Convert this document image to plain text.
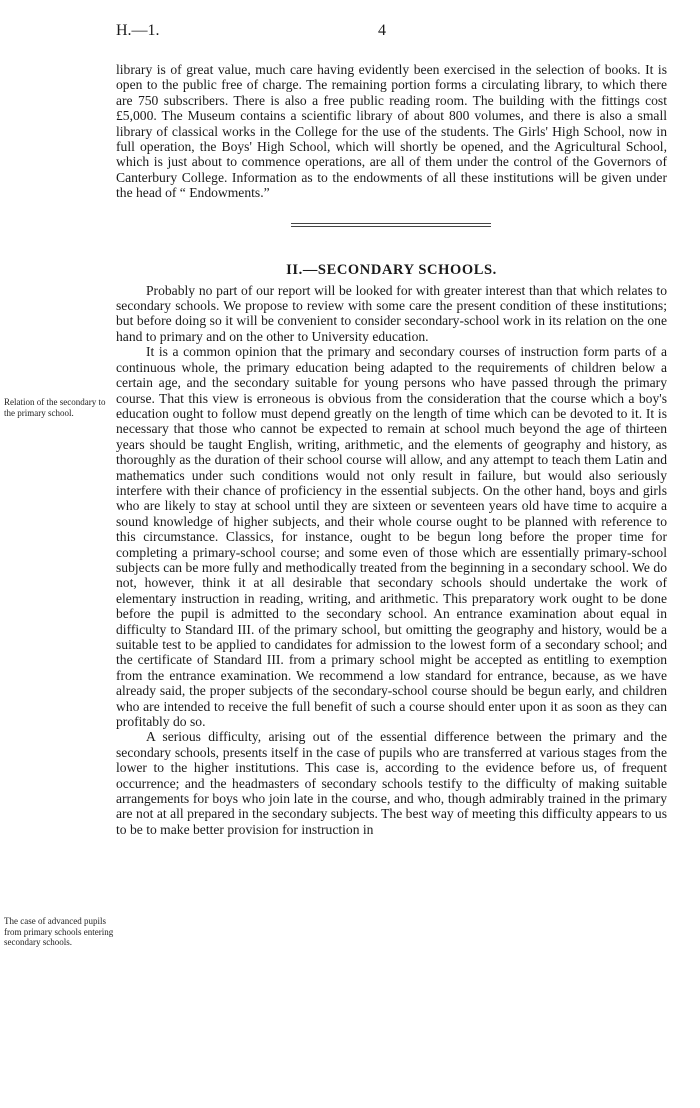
H.—1.	4
Relation of the secondary to the primary school.
The case of advanced pupils from primary schools entering secondary schools.

library is of great value, much care having evidently been exercised in the selection of books. It is open to the public free of charge. The remaining portion forms a circulating library, to which there are 750 subscribers. There is also a free public reading room. The building with the fittings cost £5,000. The Museum contains a scientific library of about 800 volumes, and there is also a small library of classical works in the College for the use of the students. The Girls' High School, now in full operation, the Boys' High School, which will shortly be opened, and the Agricultural School, which is just about to commence operations, are all of them under the control of the Governors of Canterbury College. Information as to the endowments of all these institutions will be given under the head of “ Endowments.”

II.—SECONDARY SCHOOLS.

Probably no part of our report will be looked for with greater interest than that which relates to secondary schools. We propose to review with some care the present condition of these institutions; but before doing so it will be convenient to consider secondary-school work in its relation on the one hand to primary and on the other to University education.

It is a common opinion that the primary and secondary courses of instruction form parts of a continuous whole, the primary education being adapted to the requirements of children below a certain age, and the secondary suitable for young persons who have passed through the primary course. That this view is erroneous is obvious from the consideration that the course which a boy's education ought to follow must depend greatly on the length of time which can be devoted to it. It is necessary that those who cannot be expected to remain at school much beyond the age of thirteen years should be taught English, writing, arithmetic, and the elements of geography and history, as thoroughly as the duration of their school course will allow, and any attempt to teach them Latin and mathematics under such conditions would not only result in failure, but would also seriously interfere with their chance of proficiency in the essential subjects. On the other hand, boys and girls who are likely to stay at school until they are sixteen or seventeen years old have time to acquire a sound knowledge of higher subjects, and their whole course ought to be planned with reference to this circumstance. Classics, for instance, ought to be begun long before the proper time for completing a primary-school course; and some even of those which are essentially primary-school subjects can be more fully and methodically treated from the beginning in a secondary school. We do not, however, think it at all desirable that secondary schools should undertake the work of elementary instruction in reading, writing, and arithmetic. This preparatory work ought to be done before the pupil is admitted to the secondary school. An entrance examination about equal in difficulty to Standard III. of the primary school, but omitting the geography and history, would be a suitable test to be applied to candidates for admission to the lowest form of a secondary school; and the certificate of Standard III. from a primary school might be accepted as entitling to exemption from the entrance examination. We recommend a low standard for entrance, because, as we have already said, the proper subjects of the secondary-school course should be begun early, and children who are intended to receive the full benefit of such a course should enter upon it as soon as they can profitably do so.

A serious difficulty, arising out of the essential difference between the primary and the secondary schools, presents itself in the case of pupils who are transferred at various stages from the lower to the higher institutions. This case is, according to the evidence before us, of frequent occurrence; and the headmasters of secondary schools testify to the difficulty of making suitable arrangements for boys who join late in the course, and who, though admirably trained in the primary are not at all prepared in the secondary subjects. The best way of meeting this difficulty appears to us to be to make better provision for instruction in
